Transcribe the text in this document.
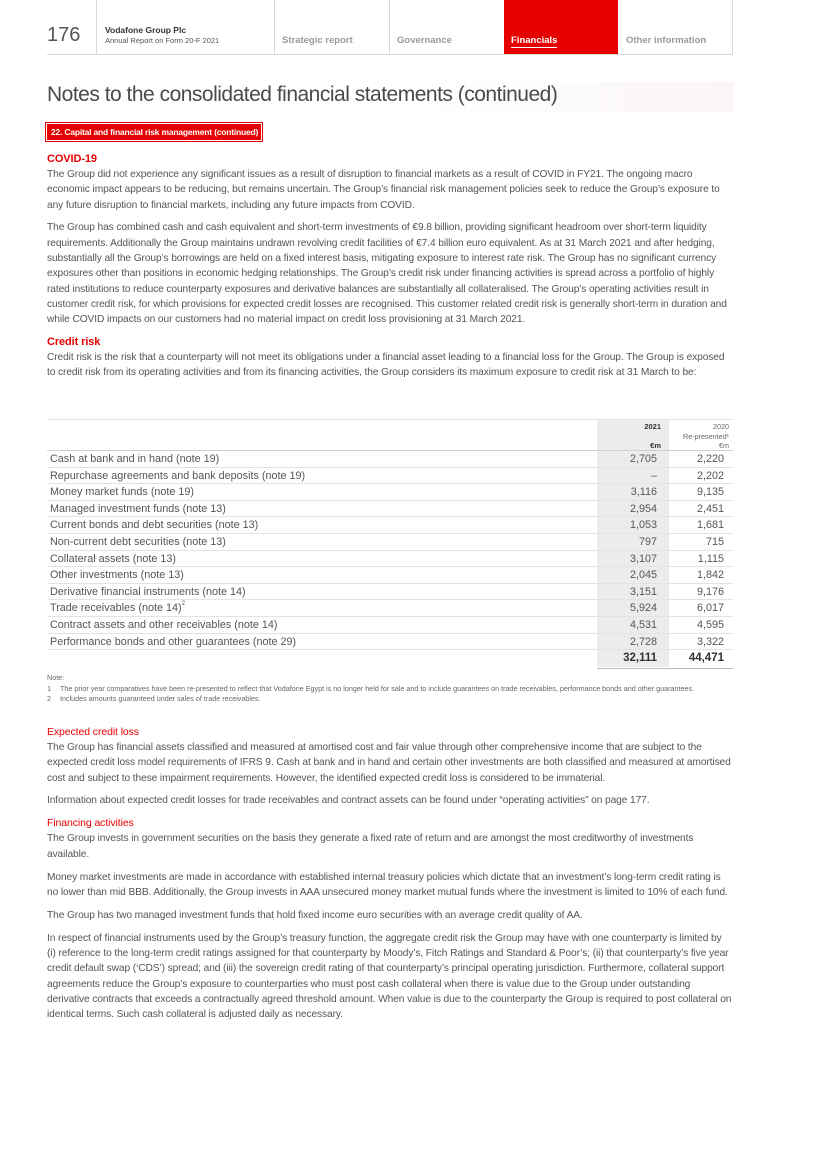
176	Vodafone Group Plc
Annual Report on Form 20-F 2021	Strategic report	Governance	Financials	Other information
Notes to the consolidated financial statements (continued)
22. Capital and financial risk management (continued)
COVID-19

The Group did not experience any significant issues as a result of disruption to financial markets as a result of COVID in FY21. The ongoing macro economic impact appears to be reducing, but remains uncertain. The Group’s financial risk management policies seek to reduce the Group’s exposure to any future disruption to financial markets, including any future impacts from COVID.

The Group has combined cash and cash equivalent and short-term investments of €9.8 billion, providing significant headroom over short-term liquidity requirements. Additionally the Group maintains undrawn revolving credit facilities of €7.4 billion euro equivalent. As at 31 March 2021 and after hedging, substantially all the Group’s borrowings are held on a fixed interest basis, mitigating exposure to interest rate risk. The Group has no significant currency exposures other than positions in economic hedging relationships. The Group’s credit risk under financing activities is spread across a portfolio of highly rated institutions to reduce counterparty exposures and derivative balances are substantially all collateralised. The Group’s operating activities result in customer credit risk, for which provisions for expected credit losses are recognised. This customer related credit risk is generally short-term in duration and while COVID impacts on our customers had no material impact on credit loss provisioning at 31 March 2021.

Credit risk

Credit risk is the risk that a counterparty will not meet its obligations under a financial asset leading to a financial loss for the Group. The Group is exposed to credit risk from its operating activities and from its financing activities, the Group considers its maximum exposure to credit risk at 31 March to be:

2021
€m
2020
Re-presented¹
€m
Cash at bank and in hand (note 19)	2,705	2,220
Repurchase agreements and bank deposits (note 19)	–	2,202
Money market funds (note 19)	3,116	9,135
Managed investment funds (note 13)	2,954	2,451
Current bonds and debt securities (note 13)	1,053	1,681
Non-current debt securities (note 13)	797	715
Collateral assets (note 13)	3,107	1,115
Other investments (note 13)	2,045	1,842
Derivative financial instruments (note 14)	3,151	9,176
Trade receivables (note 14)$^2$	5,924	6,017
Contract assets and other receivables (note 14)	4,531	4,595
Performance bonds and other guarantees (note 29)	2,728	3,322
32,111	44,471
Note:
1 The prior year comparatives have been re-presented to reflect that Vodafone Egypt is no longer held for sale and to include guarantees on trade receivables, performance bonds and other guarantees.
2 Includes amounts guaranteed under sales of trade receivables.
Expected credit loss

The Group has financial assets classified and measured at amortised cost and fair value through other comprehensive income that are subject to the expected credit loss model requirements of IFRS 9. Cash at bank and in hand and certain other investments are both classified and measured at amortised cost and subject to these impairment requirements. However, the identified expected credit loss is considered to be immaterial.

Information about expected credit losses for trade receivables and contract assets can be found under “operating activities” on page 177.

Financing activities

The Group invests in government securities on the basis they generate a fixed rate of return and are amongst the most creditworthy of investments available.

Money market investments are made in accordance with established internal treasury policies which dictate that an investment’s long-term credit rating is no lower than mid BBB. Additionally, the Group invests in AAA unsecured money market mutual funds where the investment is limited to 10% of each fund.

The Group has two managed investment funds that hold fixed income euro securities with an average credit quality of AA.

In respect of financial instruments used by the Group’s treasury function, the aggregate credit risk the Group may have with one counterparty is limited by (i) reference to the long-term credit ratings assigned for that counterparty by Moody’s, Fitch Ratings and Standard & Poor’s; (ii) that counterparty’s five year credit default swap (‘CDS’) spread; and (iii) the sovereign credit rating of that counterparty’s principal operating jurisdiction. Furthermore, collateral support agreements reduce the Group’s exposure to counterparties who must post cash collateral when there is value due to the Group under outstanding derivative contracts that exceeds a contractually agreed threshold amount. When value is due to the counterparty the Group is required to post collateral on identical terms. Such cash collateral is adjusted daily as necessary.
